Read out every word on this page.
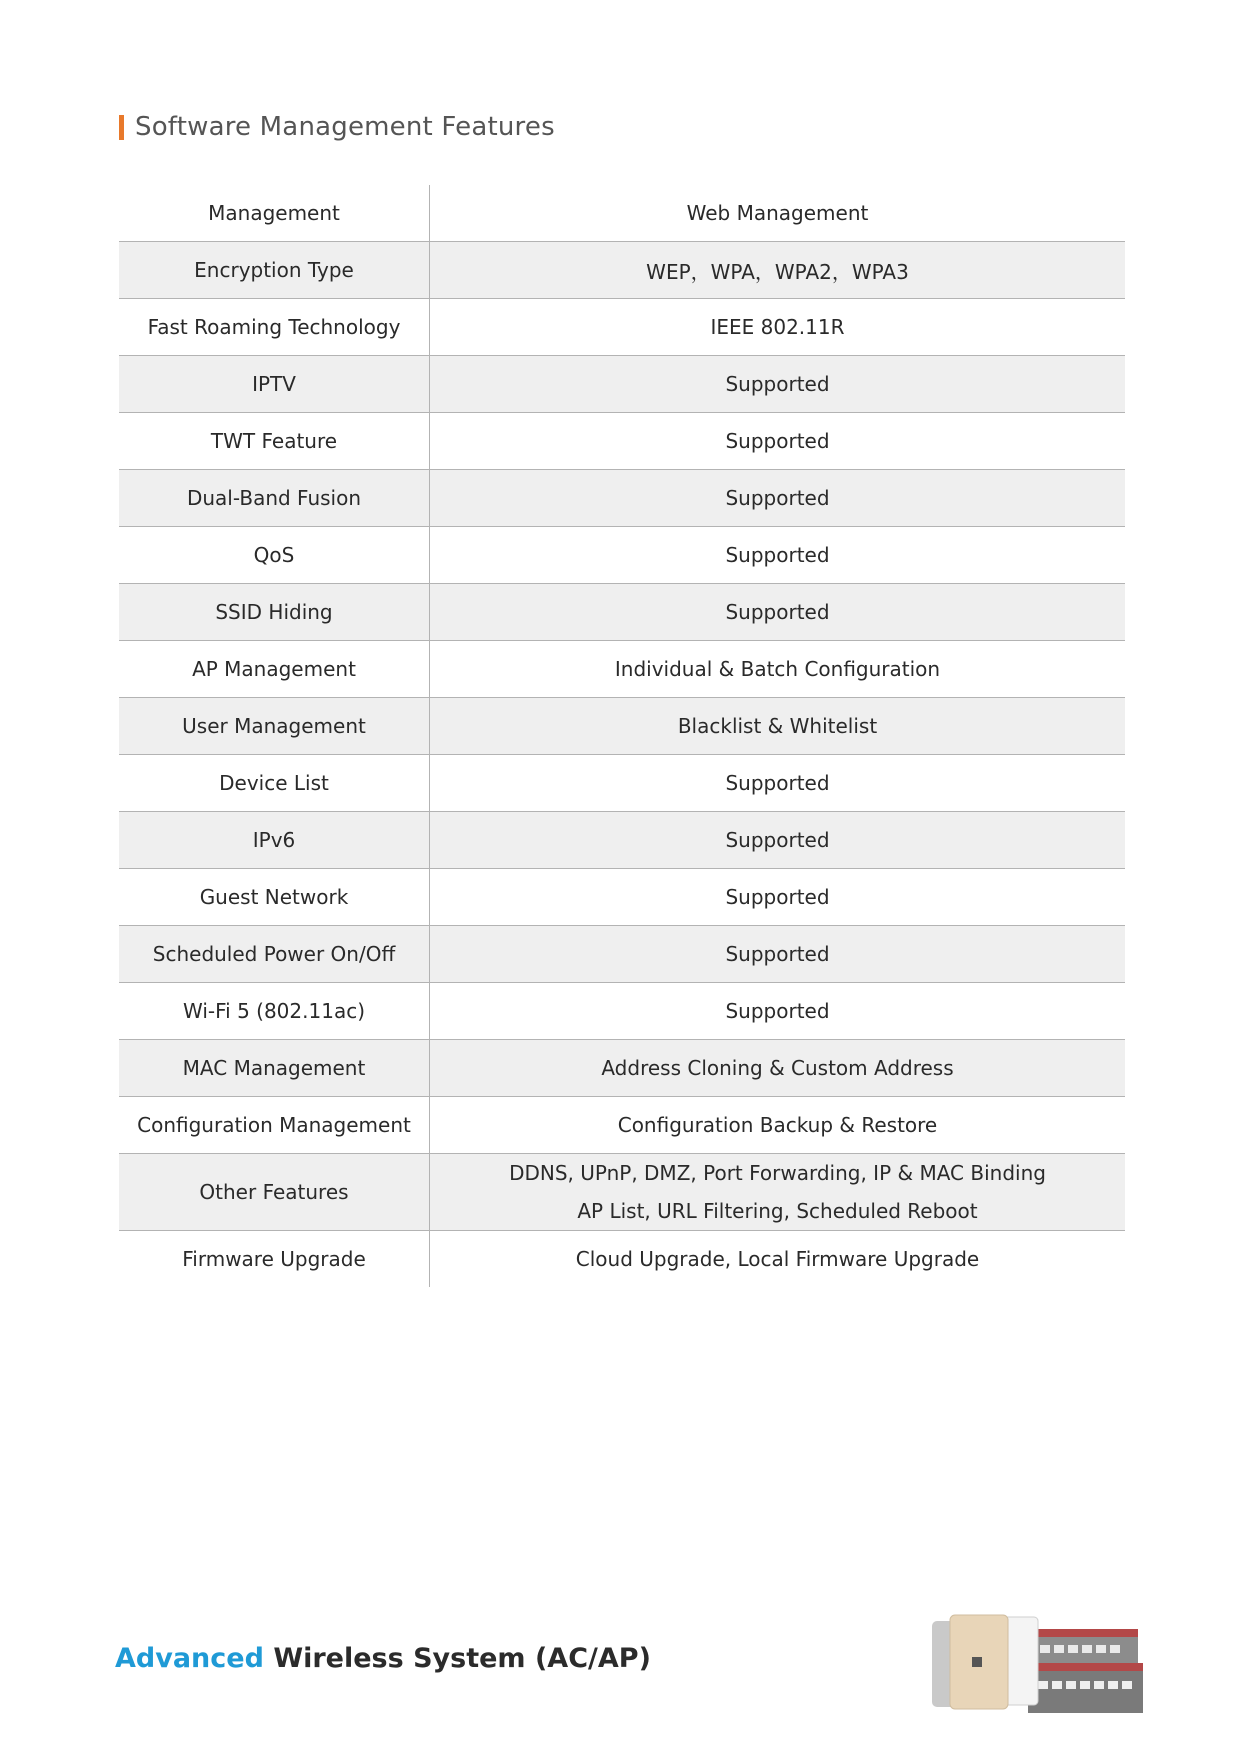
Software Management Features
Management	Web Management
Encryption Type	WEP，WPA，WPA2，WPA3
Fast Roaming Technology	IEEE 802.11R
IPTV	Supported
TWT Feature	Supported
Dual-Band Fusion	Supported
QoS	Supported
SSID Hiding	Supported
AP Management	Individual & Batch Configuration
User Management	Blacklist & Whitelist
Device List	Supported
IPv6	Supported
Guest Network	Supported
Scheduled Power On/Off	Supported
Wi-Fi 5 (802.11ac)	Supported
MAC Management	Address Cloning & Custom Address
Configuration Management	Configuration Backup & Restore
Other Features	DDNS, UPnP, DMZ, Port Forwarding, IP & MAC Binding
AP List, URL Filtering, Scheduled Reboot

Firmware Upgrade	Cloud Upgrade, Local Firmware Upgrade
Advanced Wireless System (AC/AP)
